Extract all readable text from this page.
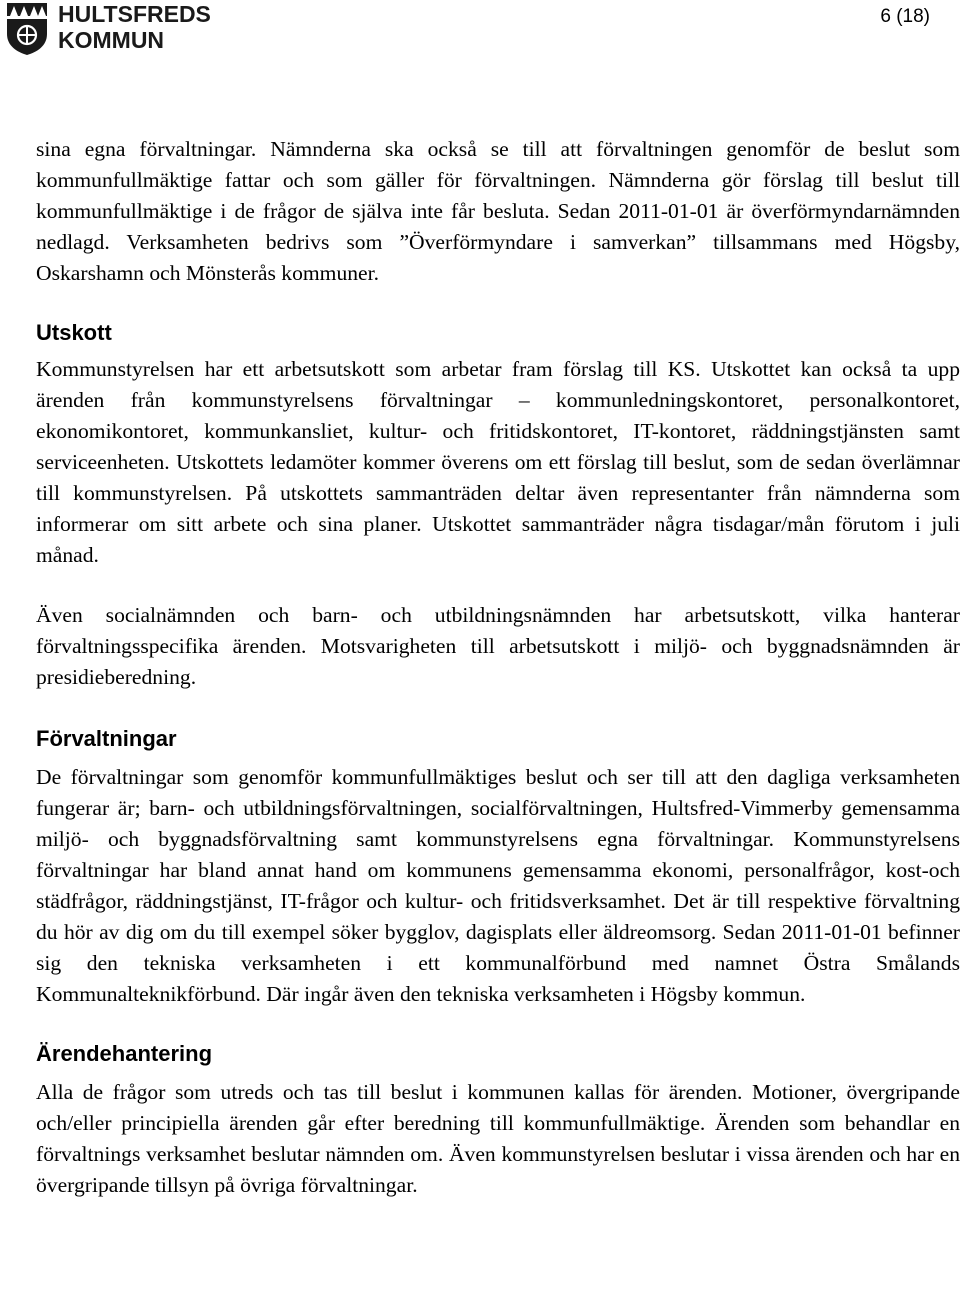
HULTSFREDS
KOMMUN
6 (18)

sina egna förvaltningar. Nämnderna ska också se till att förvaltningen genomför de beslut som kommunfullmäktige fattar och som gäller för förvaltningen. Nämnderna gör förslag till beslut till kommunfullmäktige i de frågor de själva inte får besluta. Sedan 2011-01-01 är överförmyndarnämnden nedlagd. Verksamheten bedrivs som ”Överförmyndare i samverkan” tillsammans med Högsby, Oskarshamn och Mönsterås kommuner.

Utskott

Kommunstyrelsen har ett arbetsutskott som arbetar fram förslag till KS. Utskottet kan också ta upp ärenden från kommunstyrelsens förvaltningar – kommunledningskontoret, personalkontoret, ekonomikontoret, kommunkansliet, kultur- och fritidskontoret, IT-kontoret, räddningstjänsten samt serviceenheten. Utskottets ledamöter kommer överens om ett förslag till beslut, som de sedan överlämnar till kommunstyrelsen. På utskottets sammanträden deltar även representanter från nämnderna som informerar om sitt arbete och sina planer. Utskottet sammanträder några tisdagar/mån förutom i juli månad.

Även socialnämnden och barn- och utbildningsnämnden har arbetsutskott, vilka hanterar förvaltningsspecifika ärenden. Motsvarigheten till arbetsutskott i miljö- och byggnadsnämnden är presidieberedning.

Förvaltningar

De förvaltningar som genomför kommunfullmäktiges beslut och ser till att den dagliga verksamheten fungerar är; barn- och utbildningsförvaltningen, socialförvaltningen, Hultsfred-Vimmerby gemensamma miljö- och byggnadsförvaltning samt kommunstyrelsens egna förvaltningar. Kommunstyrelsens förvaltningar har bland annat hand om kommunens gemensamma ekonomi, personalfrågor, kost-och städfrågor, räddningstjänst, IT-frågor och kultur- och fritidsverksamhet. Det är till respektive förvaltning du hör av dig om du till exempel söker bygglov, dagisplats eller äldreomsorg. Sedan 2011-01-01 befinner sig den tekniska verksamheten i ett kommunalförbund med namnet Östra Smålands Kommunalteknikförbund. Där ingår även den tekniska verksamheten i Högsby kommun.

Ärendehantering

Alla de frågor som utreds och tas till beslut i kommunen kallas för ärenden. Motioner, övergripande och/eller principiella ärenden går efter beredning till kommunfullmäktige. Ärenden som behandlar en förvaltnings verksamhet beslutar nämnden om. Även kommunstyrelsen beslutar i vissa ärenden och har en övergripande tillsyn på övriga förvaltningar.
